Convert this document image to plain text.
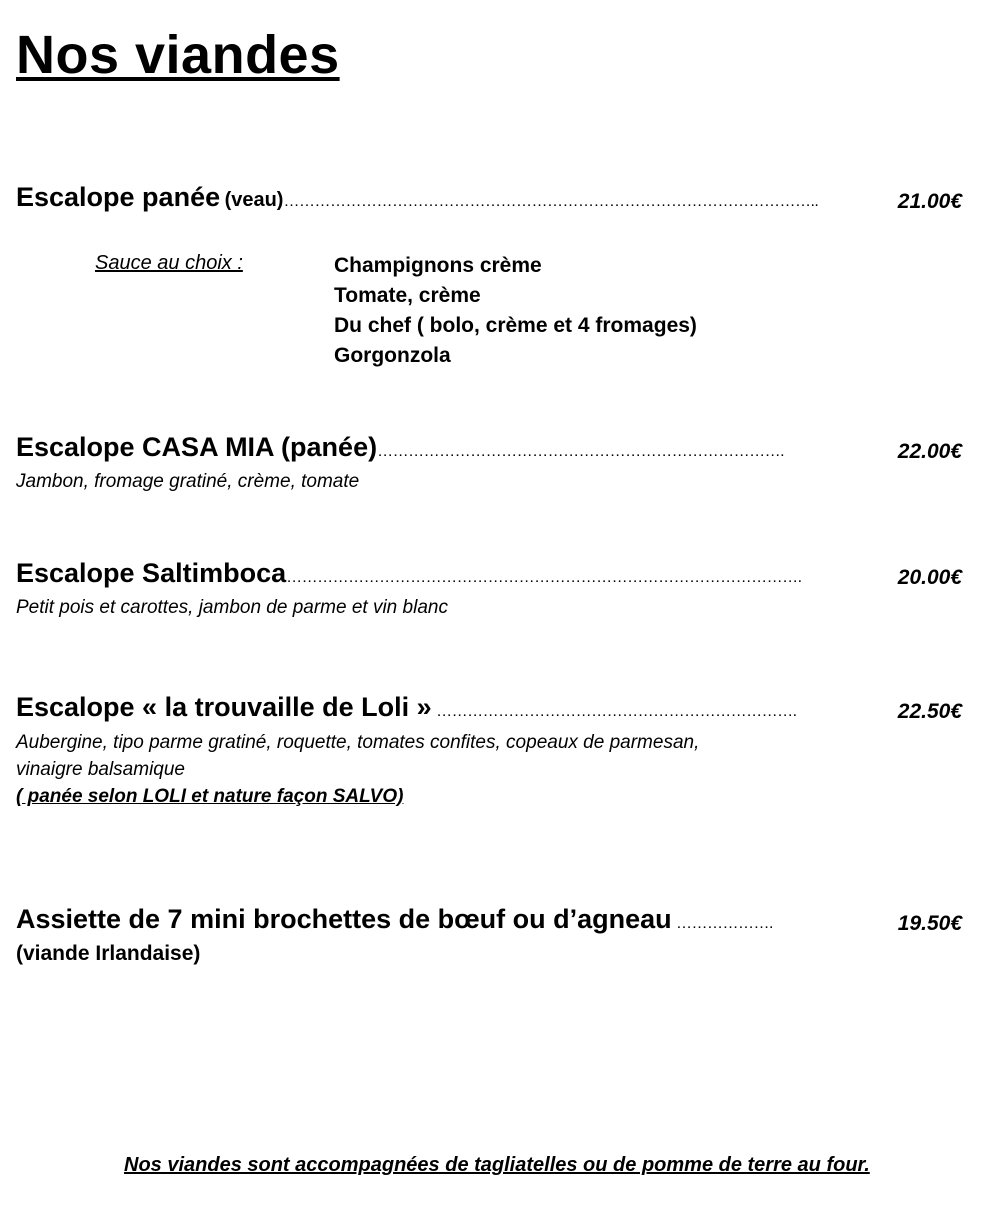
Nos viandes
Escalope panée (veau)…………………………………………………………………………………………..	21.00€
Sauce au choix :	Champignons crème
Tomate, crème
Du chef ( bolo, crème et 4 fromages)
Gorgonzola
Escalope CASA MIA (panée)…………………………………………………………………….	22.00€
Jambon, fromage gratiné, crème, tomate
Escalope Saltimboca……………………………………………………………………………………….	20.00€
Petit pois et carottes, jambon de parme et vin blanc
Escalope « la trouvaille de Loli » …………………………………………………………….	22.50€
Aubergine, tipo parme gratiné, roquette, tomates confites, copeaux de parmesan,
vinaigre balsamique
( panée selon LOLI et nature façon SALVO)
Assiette de 7 mini brochettes de bœuf ou d’agneau ……………….	19.50€
(viande Irlandaise)
Nos viandes sont accompagnées de tagliatelles ou de pomme de terre au four.
